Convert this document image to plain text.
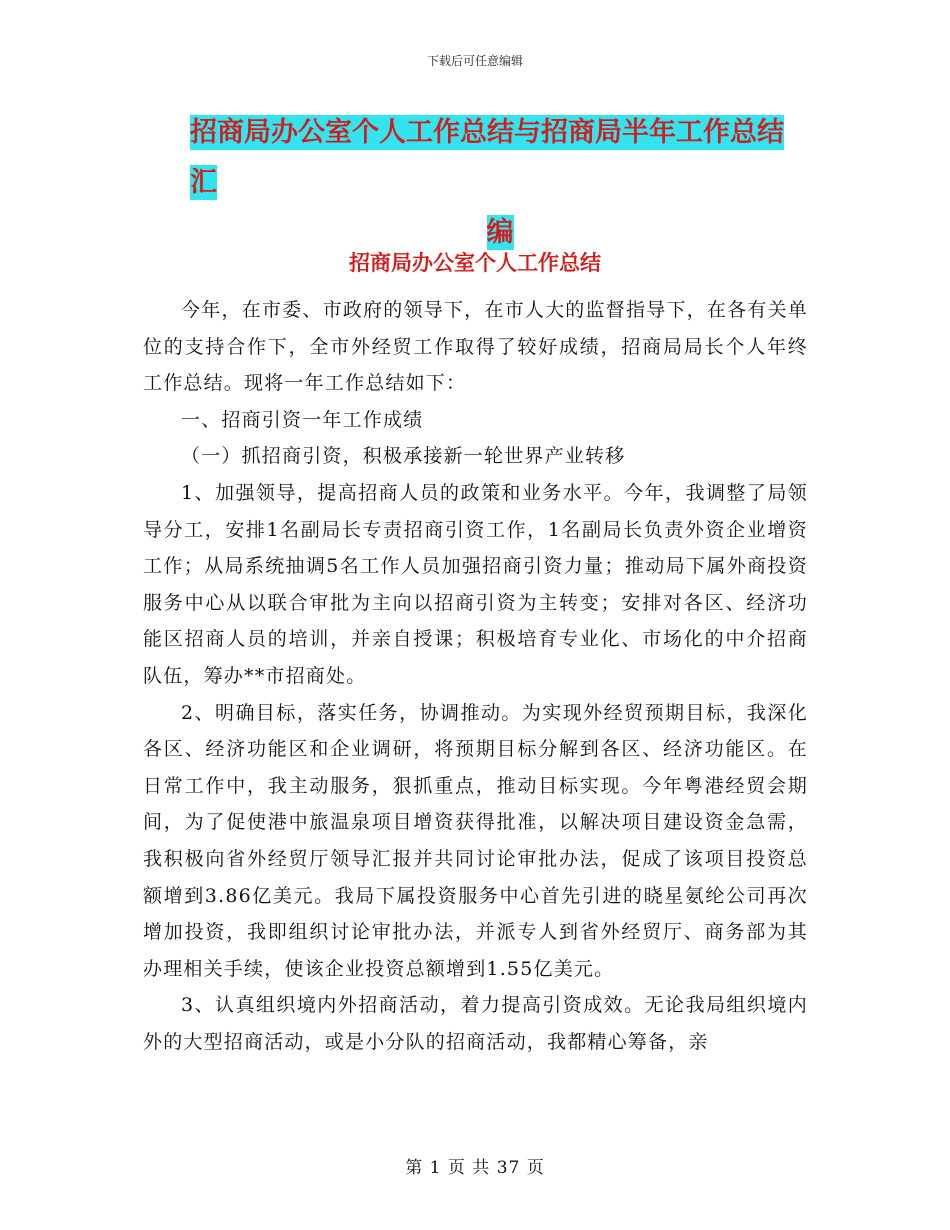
下载后可任意编辑
招商局办公室个人工作总结与招商局半年工作总结汇
编
招商局办公室个人工作总结

今年，在市委、市政府的领导下，在市人大的监督指导下，在各有关单位的支持合作下，全市外经贸工作取得了较好成绩，招商局局长个人年终工作总结。现将一年工作总结如下：

一、招商引资一年工作成绩

（一）抓招商引资，积极承接新一轮世界产业转移

1、加强领导，提高招商人员的政策和业务水平。今年，我调整了局领导分工，安排1名副局长专责招商引资工作，1名副局长负责外资企业增资工作；从局系统抽调5名工作人员加强招商引资力量；推动局下属外商投资服务中心从以联合审批为主向以招商引资为主转变；安排对各区、经济功能区招商人员的培训，并亲自授课；积极培育专业化、市场化的中介招商队伍，筹办**市招商处。

2、明确目标，落实任务，协调推动。为实现外经贸预期目标，我深化各区、经济功能区和企业调研，将预期目标分解到各区、经济功能区。在日常工作中，我主动服务，狠抓重点，推动目标实现。今年粤港经贸会期间，为了促使港中旅温泉项目增资获得批准，以解决项目建设资金急需，我积极向省外经贸厅领导汇报并共同讨论审批办法，促成了该项目投资总额增到3.86亿美元。我局下属投资服务中心首先引进的晓星氨纶公司再次增加投资，我即组织讨论审批办法，并派专人到省外经贸厅、商务部为其办理相关手续，使该企业投资总额增到1.55亿美元。

3、认真组织境内外招商活动，着力提高引资成效。无论我局组织境内外的大型招商活动，或是小分队的招商活动，我都精心筹备，亲

第 1 页 共 37 页
